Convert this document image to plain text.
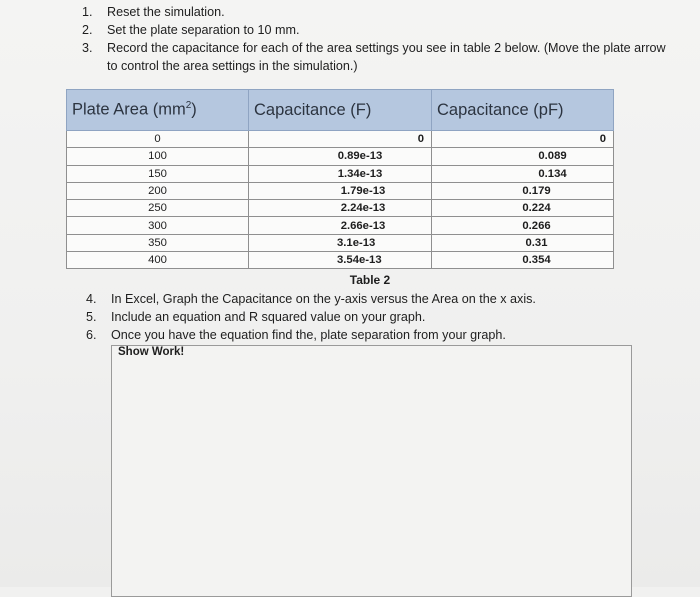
1. Reset the simulation.
2. Set the plate separation to 10 mm.
3. Record the capacitance for each of the area settings you see in table 2 below. (Move the plate arrow to control the area settings in the simulation.)
Plate Area $(mm^2)$	Capacitance (F)	Capacitance (pF)
0	0	0
100	0.89e-13	0.089
150	1.34e-13	0.134
200	1.79e-13	0.179
250	2.24e-13	0.224
300	2.66e-13	0.266
350	3.1e-13	0.31
400	3.54e-13	0.354
Table 2
4. In Excel, Graph the Capacitance on the y-axis versus the Area on the x axis.
5. Include an equation and R squared value on your graph.
6. Once you have the equation find the, plate separation from your graph.
Show Work!
